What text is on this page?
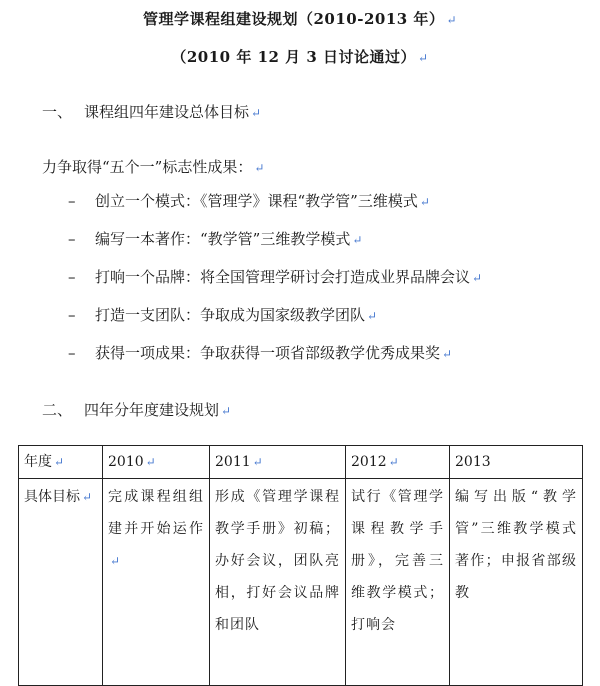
管理学课程组建设规划（2010-2013 年） ↵
（2010 年 12 月 3 日讨论通过） ↵
一、 课程组四年建设总体目标 ↵
力争取得“五个一”标志性成果： ↵
– 创立一个模式：《管理学》课程“教学管”三维模式 ↵
– 编写一本著作：“教学管”三维教学模式 ↵
– 打响一个品牌：将全国管理学研讨会打造成业界品牌会议 ↵
– 打造一支团队：争取成为国家级教学团队 ↵
– 获得一项成果：争取获得一项省部级教学优秀成果奖 ↵
二、 四年分年度建设规划 ↵
年度 ↵	2010 ↵	2011 ↵	2012 ↵	2013
具体目标 ↵	完成课程组组建并开始运作↵	形成《管理学课程教学手册》初稿；办好会议，团队亮相，打好会议品牌和团队	试行《管理学课程教学手册》，完善三维教学模式；打响会	编写出版“教学管”三维教学模式著作；申报省部级教
